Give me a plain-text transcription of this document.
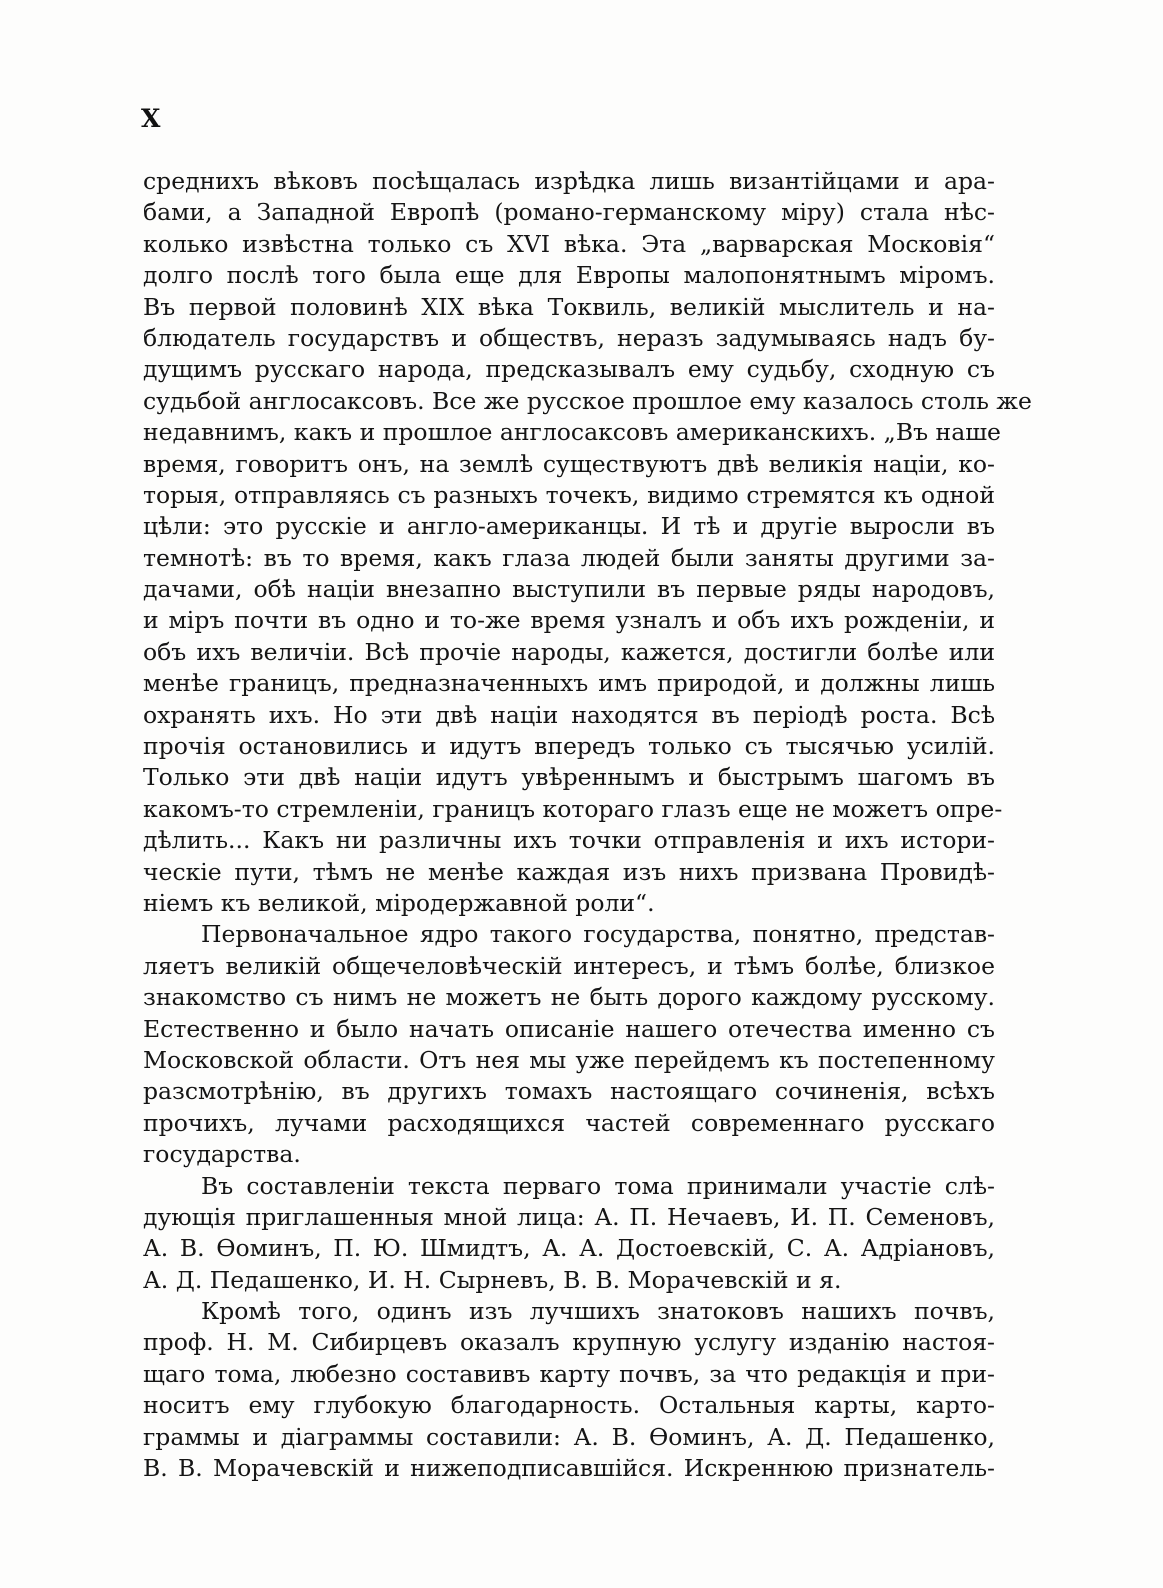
X
среднихъ вѣковъ посѣщалась изрѣдка лишь византійцами и ара-
бами, а Западной Европѣ (романо-германскому міру) стала нѣс-
колько извѣстна только съ XVI вѣка. Эта „варварская Московія“
долго послѣ того была еще для Европы малопонятнымъ міромъ.
Въ первой половинѣ XIX вѣка Токвиль, великій мыслитель и на-
блюдатель государствъ и обществъ, неразъ задумываясь надъ бу-
дущимъ русскаго народа, предсказывалъ ему судьбу, сходную съ
судьбой англосаксовъ. Все же русское прошлое ему казалось столь же
недавнимъ, какъ и прошлое англосаксовъ американскихъ. „Въ наше
время, говоритъ онъ, на землѣ существуютъ двѣ великія націи, ко-
торыя, отправляясь съ разныхъ точекъ, видимо стремятся къ одной
цѣли: это русскіе и англо-американцы. И тѣ и другіе выросли въ
темнотѣ: въ то время, какъ глаза людей были заняты другими за-
дачами, обѣ націи внезапно выступили въ первые ряды народовъ,
и міръ почти въ одно и то-же время узналъ и объ ихъ рожденіи, и
объ ихъ величіи. Всѣ прочіе народы, кажется, достигли болѣе или
менѣе границъ, предназначенныхъ имъ природой, и должны лишь
охранять ихъ. Но эти двѣ націи находятся въ періодѣ роста. Всѣ
прочія остановились и идутъ впередъ только съ тысячью усилій.
Только эти двѣ націи идутъ увѣреннымъ и быстрымъ шагомъ въ
какомъ-то стремленіи, границъ котораго глазъ еще не можетъ опре-
дѣлить... Какъ ни различны ихъ точки отправленія и ихъ истори-
ческіе пути, тѣмъ не менѣе каждая изъ нихъ призвана Провидѣ-
ніемъ къ великой, міродержавной роли“.
Первоначальное ядро такого государства, понятно, представ-
ляетъ великій общечеловѣческій интересъ, и тѣмъ болѣе, близкое
знакомство съ нимъ не можетъ не быть дорого каждому русскому.
Естественно и было начать описаніе нашего отечества именно съ
Московской области. Отъ нея мы уже перейдемъ къ постепенному
разсмотрѣнію, въ другихъ томахъ настоящаго сочиненія, всѣхъ
прочихъ, лучами расходящихся частей современнаго русскаго
государства.
Въ составленіи текста перваго тома принимали участіе слѣ-
дующія приглашенныя мной лица: А. П. Нечаевъ, И. П. Семеновъ,
А. В. Ѳоминъ, П. Ю. Шмидтъ, А. А. Достоевскій, С. А. Адріановъ,
А. Д. Педашенко, И. Н. Сырневъ, В. В. Морачевскій и я.
Кромѣ того, одинъ изъ лучшихъ знатоковъ нашихъ почвъ,
проф. Н. М. Сибирцевъ оказалъ крупную услугу изданію настоя-
щаго тома, любезно составивъ карту почвъ, за что редакція и при-
носитъ ему глубокую благодарность. Остальныя карты, карто-
граммы и діаграммы составили: А. В. Ѳоминъ, А. Д. Педашенко,
В. В. Морачевскій и нижеподписавшійся. Искреннюю признатель-
